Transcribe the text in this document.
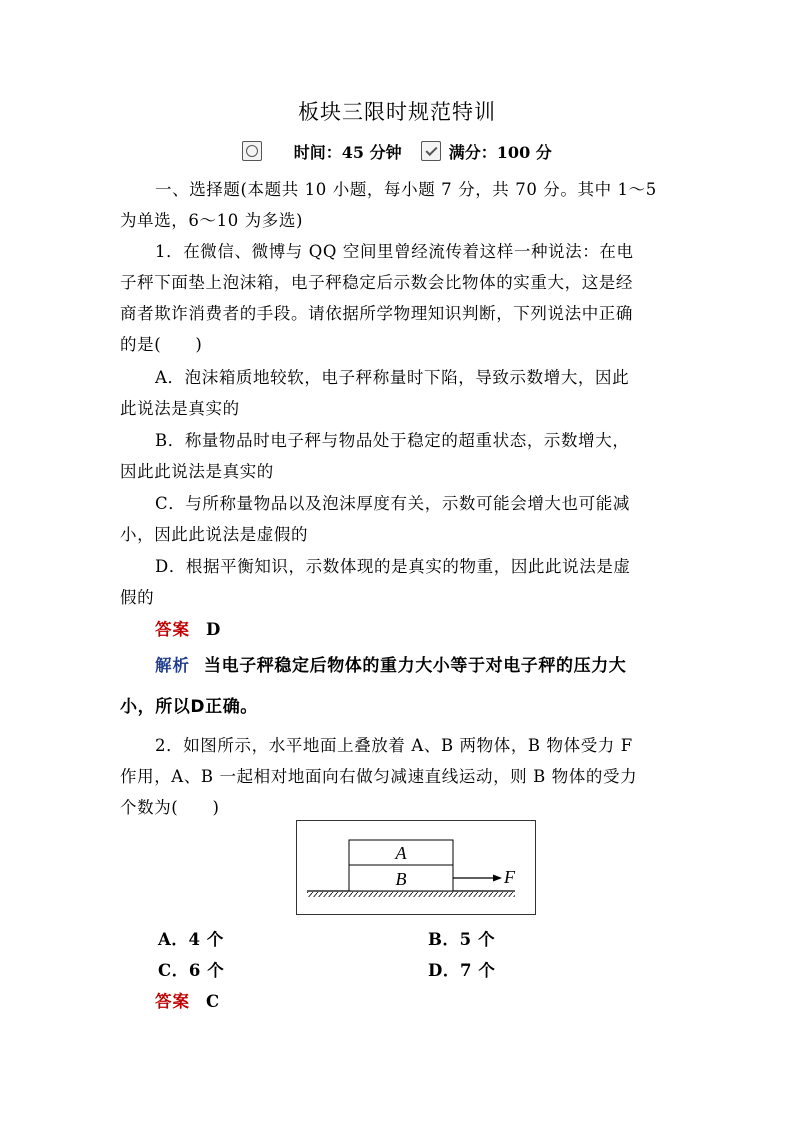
板块三限时规范特训
时间：45 分钟	满分：100 分
一、选择题(本题共 10 小题，每小题 7 分，共 70 分。其中 1～5
为单选，6～10 为多选)
1．在微信、微博与 QQ 空间里曾经流传着这样一种说法：在电
子秤下面垫上泡沫箱，电子秤稳定后示数会比物体的实重大，这是经
商者欺诈消费者的手段。请依据所学物理知识判断，下列说法中正确
的是(　　)
A．泡沫箱质地较软，电子秤称量时下陷，导致示数增大，因此
此说法是真实的
B．称量物品时电子秤与物品处于稳定的超重状态，示数增大，
因此此说法是真实的
C．与所称量物品以及泡沫厚度有关，示数可能会增大也可能减
小，因此此说法是虚假的
D．根据平衡知识，示数体现的是真实的物重，因此此说法是虚
假的
答案 D
解析 当电子秤稳定后物体的重力大小等于对电子秤的压力大
小，所以D正确。
2．如图所示，水平地面上叠放着 A、B 两物体，B 物体受力 F
作用，A、B 一起相对地面向右做匀减速直线运动，则 B 物体的受力
个数为(　　)
A
B	F
A．4 个	B．5 个
C．6 个	D．7 个
答案 C
